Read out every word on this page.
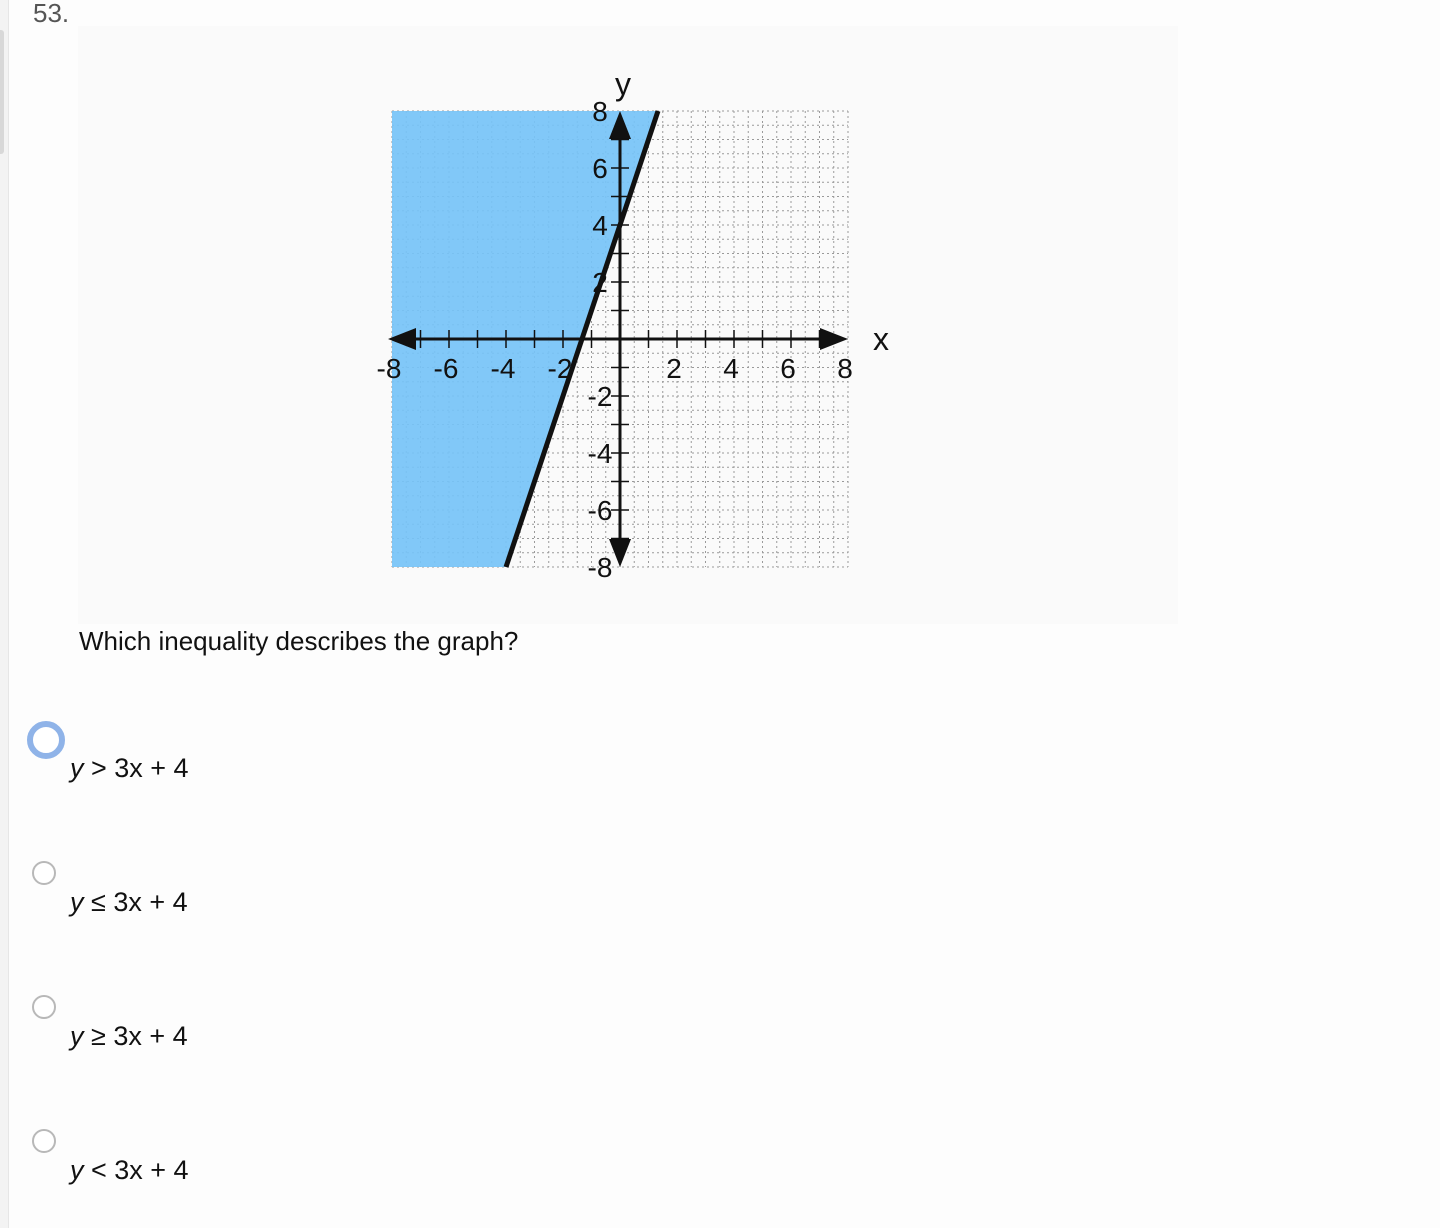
53.
-8 -6 -4 -2	2 4 6 8
8
6
4
2
-2
-4
-6
-8
x
y
Which inequality describes the graph?
y > 3x + 4
y ≤ 3x + 4
y ≥ 3x + 4
y < 3x + 4
